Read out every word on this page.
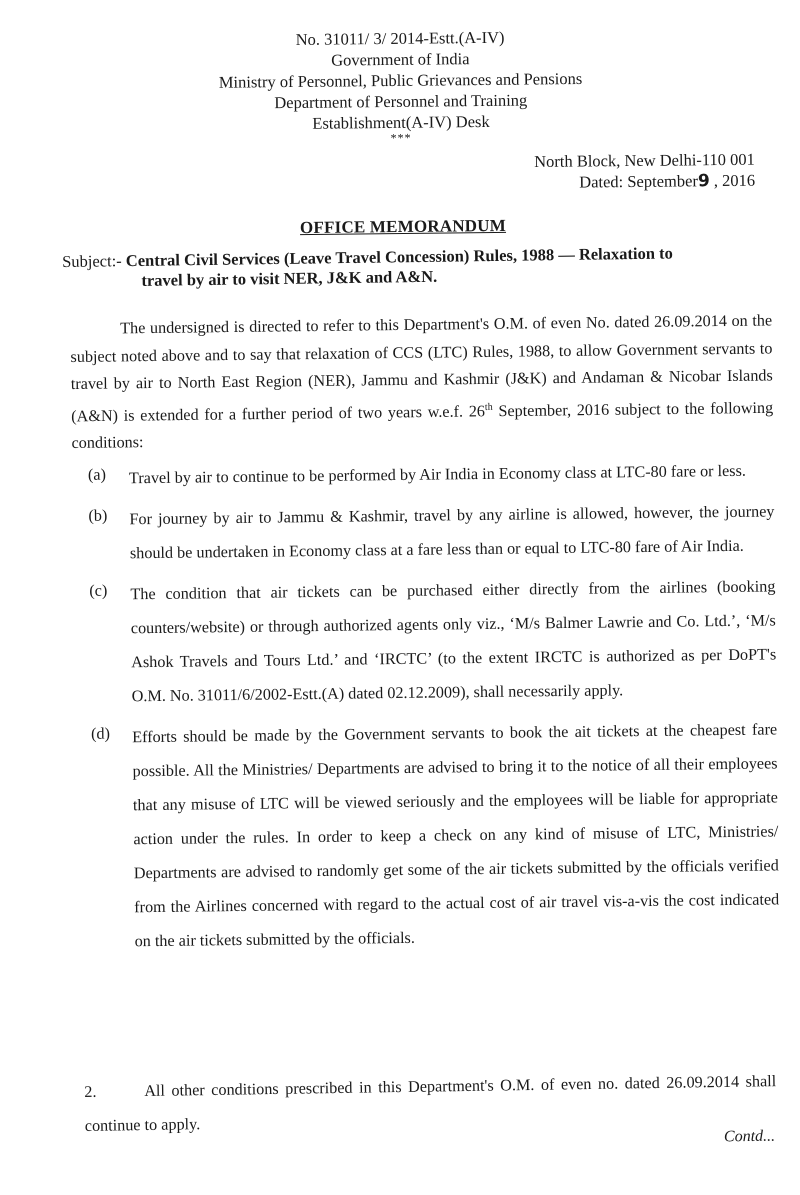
No. 31011/ 3/ 2014-Estt.(A-IV)
Government of India
Ministry of Personnel, Public Grievances and Pensions
Department of Personnel and Training
Establishment(A-IV) Desk
***
North Block, New Delhi-110 001
Dated: September9 , 2016
OFFICE MEMORANDUM
Subject:- Central Civil Services (Leave Travel Concession) Rules, 1988 — Relaxation to
travel by air to visit NER, J&K and A&N.

The undersigned is directed to refer to this Department's O.M. of even No. dated 26.09.2014 on the subject noted above and to say that relaxation of CCS (LTC) Rules, 1988, to allow Government servants to travel by air to North East Region (NER), Jammu and Kashmir (J&K) and Andaman & Nicobar Islands (A&N) is extended for a further period of two years w.e.f. 26th September, 2016 subject to the following conditions:

(a)	Travel by air to continue to be performed by Air India in Economy class at LTC-80 fare or less.
(b)	For journey by air to Jammu & Kashmir, travel by any airline is allowed, however, the journey should be undertaken in Economy class at a fare less than or equal to LTC-80 fare of Air India.
(c)	The condition that air tickets can be purchased either directly from the airlines (booking counters/website) or through authorized agents only viz., ‘M/s Balmer Lawrie and Co. Ltd.’, ‘M/s Ashok Travels and Tours Ltd.’ and ‘IRCTC’ (to the extent IRCTC is authorized as per DoPT's O.M. No. 31011/6/2002-Estt.(A) dated 02.12.2009), shall necessarily apply.
(d)	Efforts should be made by the Government servants to book the ait tickets at the cheapest fare possible. All the Ministries/ Departments are advised to bring it to the notice of all their employees that any misuse of LTC will be viewed seriously and the employees will be liable for appropriate action under the rules. In order to keep a check on any kind of misuse of LTC, Ministries/ Departments are advised to randomly get some of the air tickets submitted by the officials verified from the Airlines concerned with regard to the actual cost of air travel vis-a-vis the cost indicated on the air tickets submitted by the officials.
2.	All other conditions prescribed in this Department's O.M. of even no. dated 26.09.2014 shall continue to apply.
Contd...
